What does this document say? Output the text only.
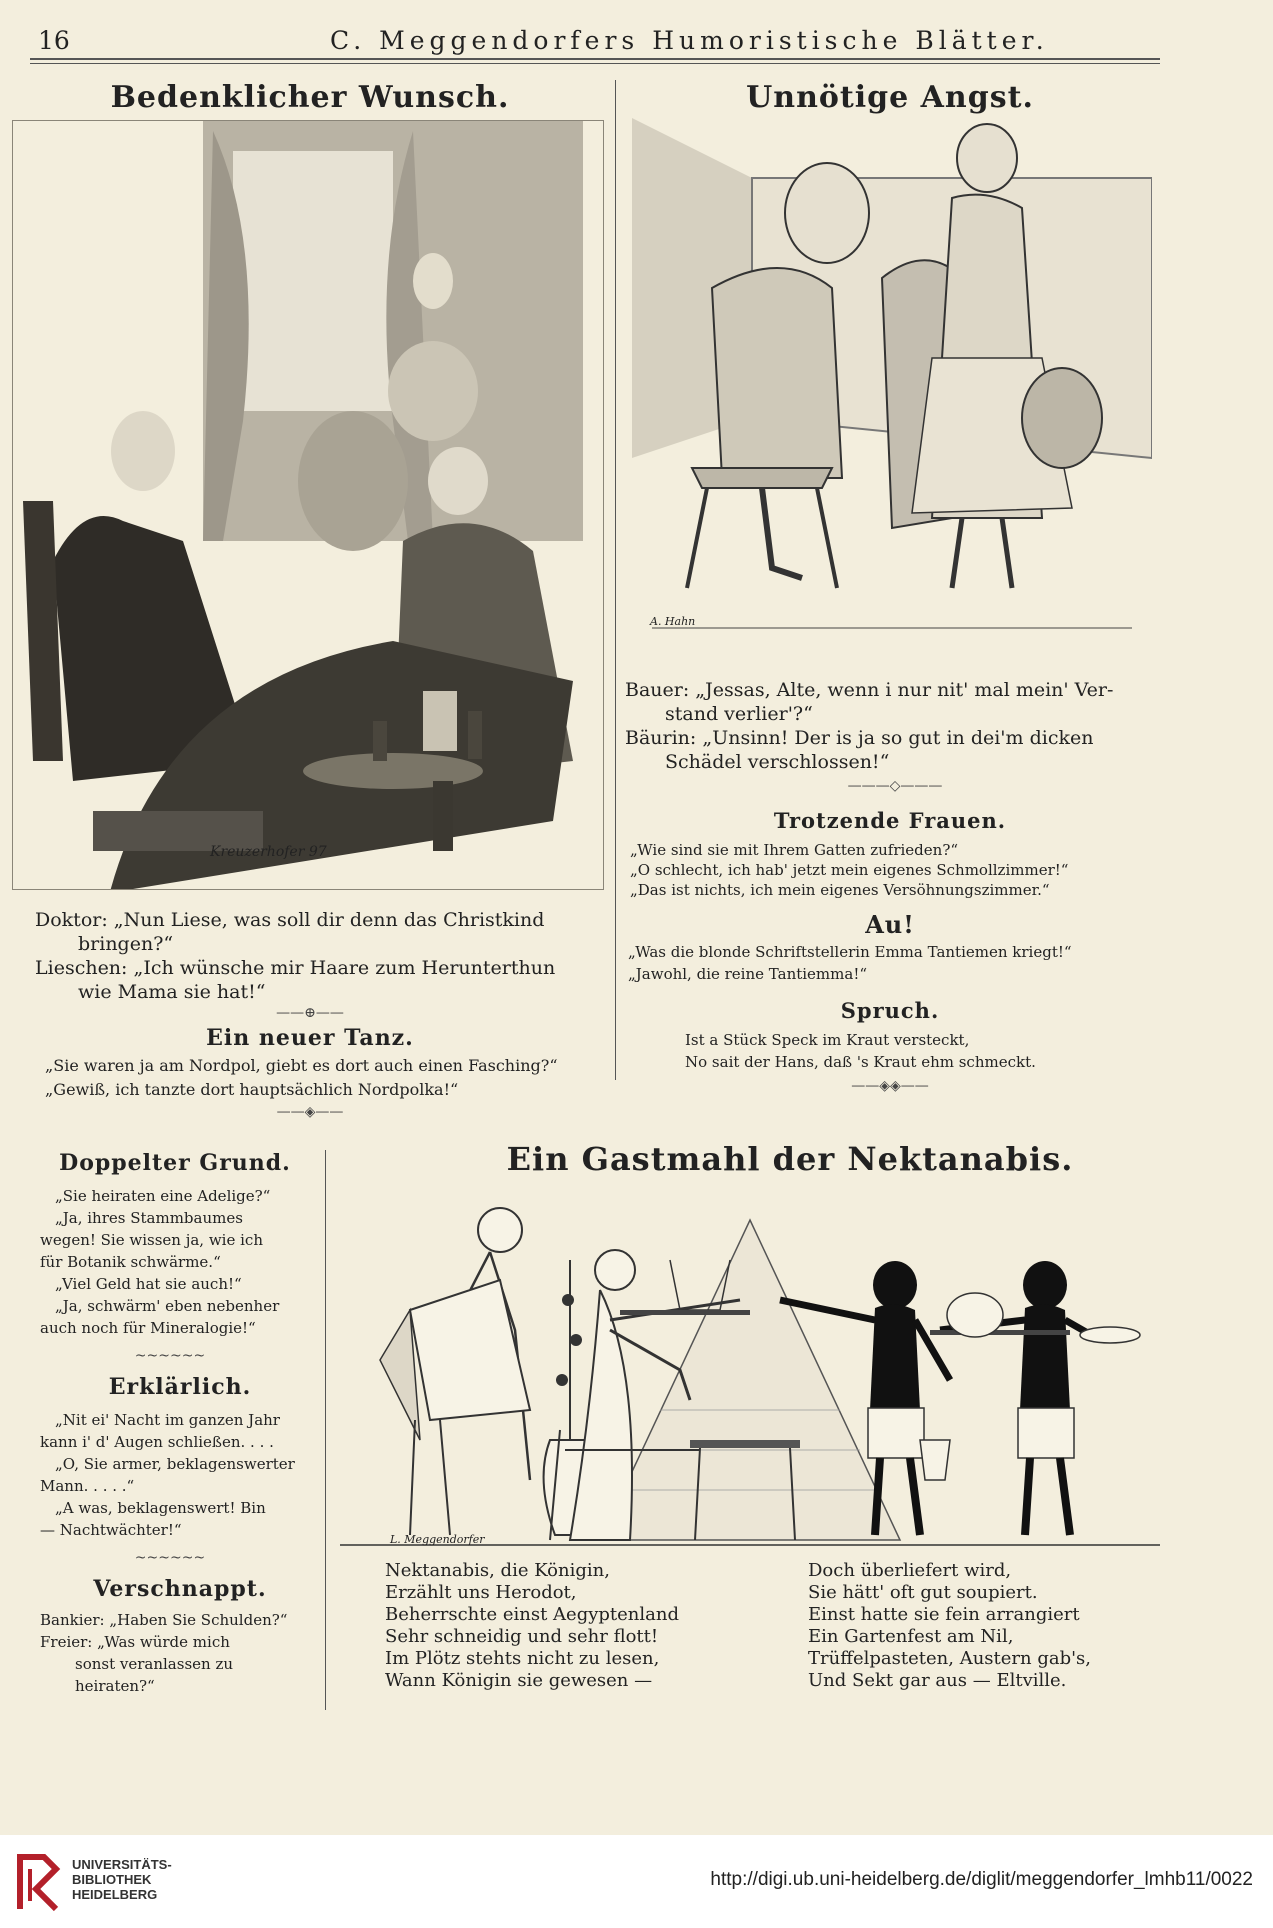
16	C. Meggendorfers Humoristische Blätter.
Bedenklicher Wunsch.
Kreuzerhofer 97
Doktor: „Nun Liese, was soll dir denn das Christkind
bringen?“
Lieschen: „Ich wünsche mir Haare zum Herunterthun
wie Mama sie hat!“
——⊕——
Ein neuer Tanz.
„Sie waren ja am Nordpol, giebt es dort auch einen Fasching?“
„Gewiß, ich tanzte dort hauptsächlich Nordpolka!“
——◈——
Unnötige Angst.
A. Hahn
Bauer: „Jessas, Alte, wenn i nur nit' mal mein' Ver-
stand verlier'?“
Bäurin: „Unsinn! Der is ja so gut in dei'm dicken
Schädel verschlossen!“
———◇———
Trotzende Frauen.
„Wie sind sie mit Ihrem Gatten zufrieden?“
„O schlecht, ich hab' jetzt mein eigenes Schmollzimmer!“
„Das ist nichts, ich mein eigenes Versöhnungszimmer.“
Au!
„Was die blonde Schriftstellerin Emma Tantiemen kriegt!“
„Jawohl, die reine Tantiemma!“
Spruch.
Ist a Stück Speck im Kraut versteckt,
No sait der Hans, daß 's Kraut ehm schmeckt.
——◈◈——
Doppelter Grund.
„Sie heiraten eine Adelige?“
„Ja, ihres Stammbaumes
wegen! Sie wissen ja, wie ich
für Botanik schwärme.“
„Viel Geld hat sie auch!“
„Ja, schwärm' eben nebenher
auch noch für Mineralogie!“
~~~~~~
Erklärlich.
„Nit ei' Nacht im ganzen Jahr
kann i' d' Augen schließen. . . .
„O, Sie armer, beklagenswerter
Mann. . . . .“
„A was, beklagenswert! Bin
— Nachtwächter!“
~~~~~~
Verschnappt.
Bankier: „Haben Sie Schulden?“
Freier: „Was würde mich
sonst veranlassen zu
heiraten?“
Ein Gastmahl der Nektanabis.
L. Meggendorfer
Nektanabis, die Königin,
Erzählt uns Herodot,
Beherrschte einst Aegyptenland
Sehr schneidig und sehr flott!
Im Plötz stehts nicht zu lesen,
Wann Königin sie gewesen —
Doch überliefert wird,
Sie hätt' oft gut soupiert.
Einst hatte sie fein arrangiert
Ein Gartenfest am Nil,
Trüffelpasteten, Austern gab's,
Und Sekt gar aus — Eltville.
UNIVERSITÄTS-
BIBLIOTHEK
HEIDELBERG
http://digi.ub.uni-heidelberg.de/diglit/meggendorfer_lmhb11/0022
